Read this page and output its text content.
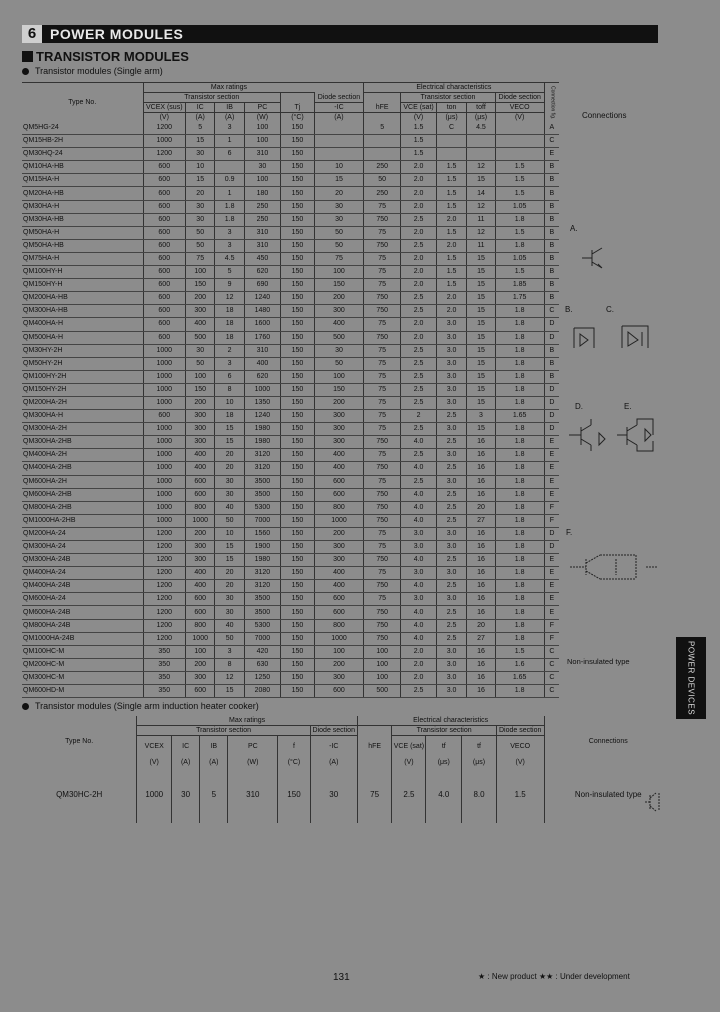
6 POWER MODULES
TRANSISTOR MODULES
Transistor modules (Single arm)
Type No.	Max ratings						Electrical characteristics					Connection fig.
	Transistor section					Diode section		Transistor section			Diode section	
	VCEX (sus)	IC	IB	PC	Tj	-IC	hFE	VCE (sat)	ton	toff	VECO	
	(V)	(A)	(A)	(W)	(°C)	(A)		(V)	(μs)	(μs)	(V)	
QM5HG-24	1200	5	3	100	150		5	1.5	C	4.5		A
QM15HB-2H	1000	15	1	100	150			1.5				C
QM30HQ-24	1200	30	6	310	150			1.5				E
QM10HA-HB	600	10		30	150	10	250	2.0	1.5	12	1.5	B
QM15HA-H	600	15	0.9	100	150	15	50	2.0	1.5	15	1.5	B
QM20HA-HB	600	20	1	180	150	20	250	2.0	1.5	14	1.5	B
QM30HA-H	600	30	1.8	250	150	30	75	2.0	1.5	12	1.05	B
QM30HA-HB	600	30	1.8	250	150	30	750	2.5	2.0	11	1.8	B
QM50HA-H	600	50	3	310	150	50	75	2.0	1.5	12	1.5	B
QM50HA-HB	600	50	3	310	150	50	750	2.5	2.0	11	1.8	B
QM75HA-H	600	75	4.5	450	150	75	75	2.0	1.5	15	1.05	B
QM100HY-H	600	100	5	620	150	100	75	2.0	1.5	15	1.5	B
QM150HY-H	600	150	9	690	150	150	75	2.0	1.5	15	1.85	B
QM200HA-HB	600	200	12	1240	150	200	750	2.5	2.0	15	1.75	B
QM300HA-HB	600	300	18	1480	150	300	750	2.5	2.0	15	1.8	C
QM400HA-H	600	400	18	1600	150	400	75	2.0	3.0	15	1.8	D
QM500HA-H	600	500	18	1760	150	500	750	2.0	3.0	15	1.8	D
QM30HY-2H	1000	30	2	310	150	30	75	2.5	3.0	15	1.8	B
QM50HY-2H	1000	50	3	400	150	50	75	2.5	3.0	15	1.8	B
QM100HY-2H	1000	100	6	620	150	100	75	2.5	3.0	15	1.8	B
QM150HY-2H	1000	150	8	1000	150	150	75	2.5	3.0	15	1.8	D
QM200HA-2H	1000	200	10	1350	150	200	75	2.5	3.0	15	1.8	D
QM300HA-H	600	300	18	1240	150	300	75	2	2.5	3	1.65	D
QM300HA-2H	1000	300	15	1980	150	300	75	2.5	3.0	15	1.8	D
QM300HA-2HB	1000	300	15	1980	150	300	750	4.0	2.5	16	1.8	E
QM400HA-2H	1000	400	20	3120	150	400	75	2.5	3.0	16	1.8	E
QM400HA-2HB	1000	400	20	3120	150	400	750	4.0	2.5	16	1.8	E
QM600HA-2H	1000	600	30	3500	150	600	75	2.5	3.0	16	1.8	E
QM600HA-2HB	1000	600	30	3500	150	600	750	4.0	2.5	16	1.8	E
QM800HA-2HB	1000	800	40	5300	150	800	750	4.0	2.5	20	1.8	F
QM1000HA-2HB	1000	1000	50	7000	150	1000	750	4.0	2.5	27	1.8	F
QM200HA-24	1200	200	10	1560	150	200	75	3.0	3.0	16	1.8	D
QM300HA-24	1200	300	15	1900	150	300	75	3.0	3.0	16	1.8	D
QM300HA-24B	1200	300	15	1980	150	300	750	4.0	2.5	16	1.8	E
QM400HA-24	1200	400	20	3120	150	400	75	3.0	3.0	16	1.8	E
QM400HA-24B	1200	400	20	3120	150	400	750	4.0	2.5	16	1.8	E
QM600HA-24	1200	600	30	3500	150	600	75	3.0	3.0	16	1.8	E
QM600HA-24B	1200	600	30	3500	150	600	750	4.0	2.5	16	1.8	E
QM800HA-24B	1200	800	40	5300	150	800	750	4.0	2.5	20	1.8	F
QM1000HA-24B	1200	1000	50	7000	150	1000	750	4.0	2.5	27	1.8	F
QM100HC-M	350	100	3	420	150	100	100	2.0	3.0	16	1.5	C
QM200HC-M	350	200	8	630	150	200	100	2.0	3.0	16	1.6	C
QM300HC-M	350	300	12	1250	150	300	100	2.0	3.0	16	1.65	C
QM600HD-M	350	600	15	2080	150	600	500	2.5	3.0	16	1.8	C
Connections
A.
B.	C.
D.	E.
F.
Non-insulated type	POWER DEVICES
Transistor modules (Single arm induction heater cooker)
Type No.	Max ratings						Electrical characteristics					Connections
	Transistor section					Diode section		Transistor section			Diode section	
	VCEX	IC	IB	PC	f	-IC	hFE	VCE (sat)	tf	tf	VECO	
	(V)	(A)	(A)	(W)	(°C)	(A)		(V)	(μs)	(μs)	(V)	
QM30HC-2H	1000	30	5	310	150	30	75	2.5	4.0	8.0	1.5	Non-insulated type
131	★ : New product ★★ : Under development
